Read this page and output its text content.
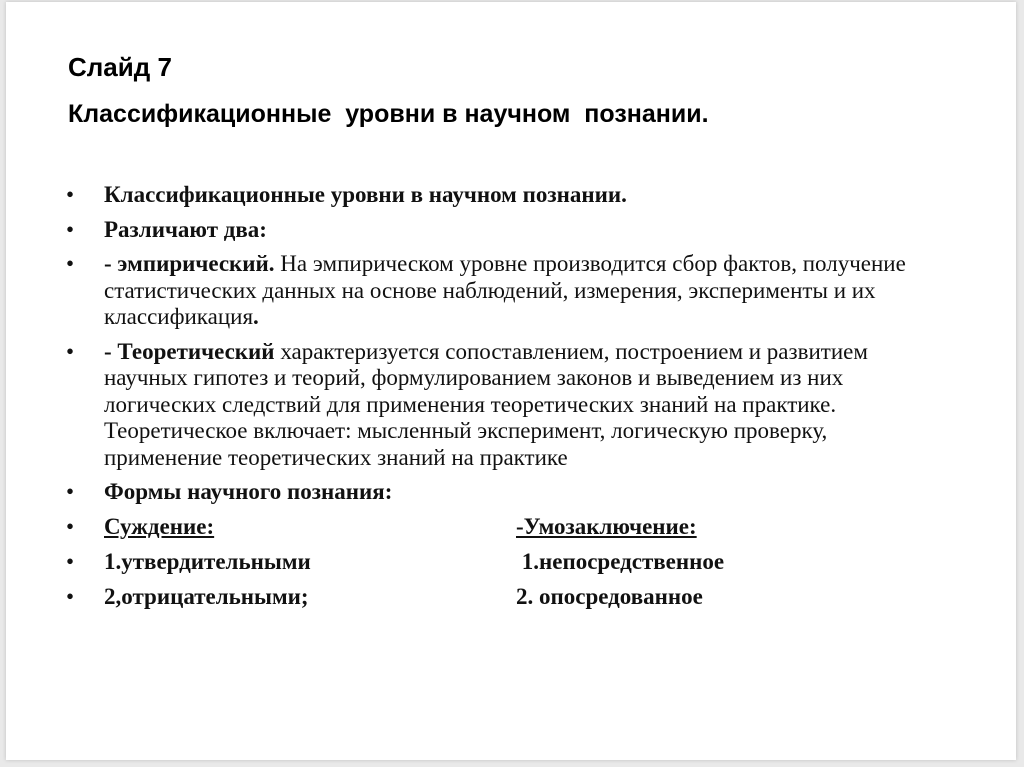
Слайд 7
Классификационные  уровни в научном  познании.
• Классификационные уровни в научном познании.
• Различают два:
• - эмпирический. На эмпирическом уровне производится сбор фактов, получение статистических данных на основе наблюдений, измерения, эксперименты и их классификация.
• - Теоретический характеризуется сопоставлением, построением и развитием научных гипотез и теорий, формулированием законов и выведением из них логических следствий для применения теоретических знаний на практике. Теоретическое включает: мысленный эксперимент, логическую проверку, применение теоретических знаний на практике
• Формы научного познания:
• Суждение:	-Умозаключение:
• 1.утвердительными	1.непосредственное
• 2,отрицательными;	2. опосредованное
